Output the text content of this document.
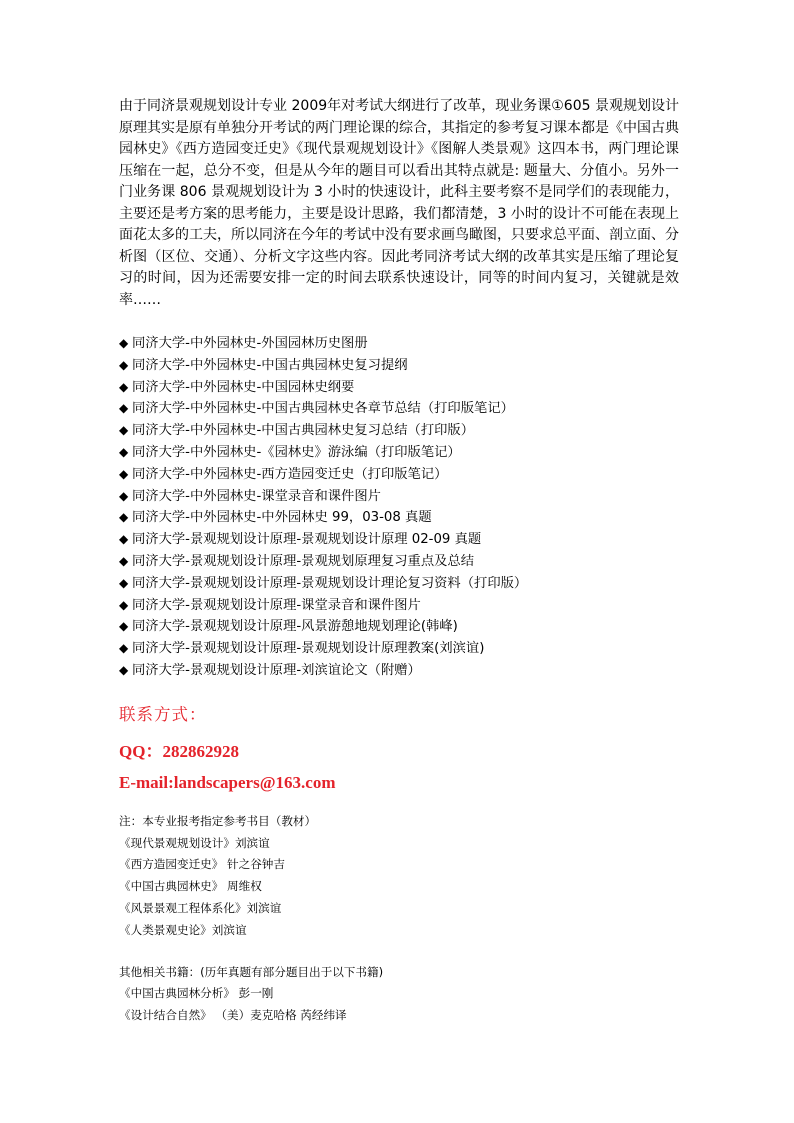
由于同济景观规划设计专业 2009年对考试大纲进行了改革，现业务课①605 景观规划设计原理其实是原有单独分开考试的两门理论课的综合，其指定的参考复习课本都是《中国古典园林史》《西方造园变迁史》《现代景观规划设计》《图解人类景观》这四本书，两门理论课压缩在一起，总分不变，但是从今年的题目可以看出其特点就是: 题量大、分值小。另外一门业务课 806 景观规划设计为 3 小时的快速设计，此科主要考察不是同学们的表现能力，主要还是考方案的思考能力，主要是设计思路，我们都清楚，3 小时的设计不可能在表现上面花太多的工夫，所以同济在今年的考试中没有要求画鸟瞰图，只要求总平面、剖立面、分析图（区位、交通）、分析文字这些内容。因此考同济考试大纲的改革其实是压缩了理论复习的时间，因为还需要安排一定的时间去联系快速设计，同等的时间内复习，关键就是效率……

◆ 同济大学-中外园林史-外国园林历史图册
◆ 同济大学-中外园林史-中国古典园林史复习提纲
◆ 同济大学-中外园林史-中国园林史纲要
◆ 同济大学-中外园林史-中国古典园林史各章节总结（打印版笔记）
◆ 同济大学-中外园林史-中国古典园林史复习总结（打印版）
◆ 同济大学-中外园林史-《园林史》游泳编（打印版笔记）
◆ 同济大学-中外园林史-西方造园变迁史（打印版笔记）
◆ 同济大学-中外园林史-课堂录音和课件图片
◆ 同济大学-中外园林史-中外园林史 99，03-08 真题
◆ 同济大学-景观规划设计原理-景观规划设计原理 02-09 真题
◆ 同济大学-景观规划设计原理-景观规划原理复习重点及总结
◆ 同济大学-景观规划设计原理-景观规划设计理论复习资料（打印版）
◆ 同济大学-景观规划设计原理-课堂录音和课件图片
◆ 同济大学-景观规划设计原理-风景游憩地规划理论(韩峰)
◆ 同济大学-景观规划设计原理-景观规划设计原理教案(刘滨谊)
◆ 同济大学-景观规划设计原理-刘滨谊论文（附赠）

联系方式：

QQ：282862928

E-mail:landscapers@163.com

注：本专业报考指定参考书目（教材）

《现代景观规划设计》刘滨谊

《西方造园变迁史》 针之谷钟吉

《中国古典园林史》 周维权

《风景景观工程体系化》刘滨谊

《人类景观史论》刘滨谊

其他相关书籍：(历年真题有部分题目出于以下书籍)

《中国古典园林分析》 彭一刚

《设计结合自然》 （美）麦克哈格 芮经纬译
